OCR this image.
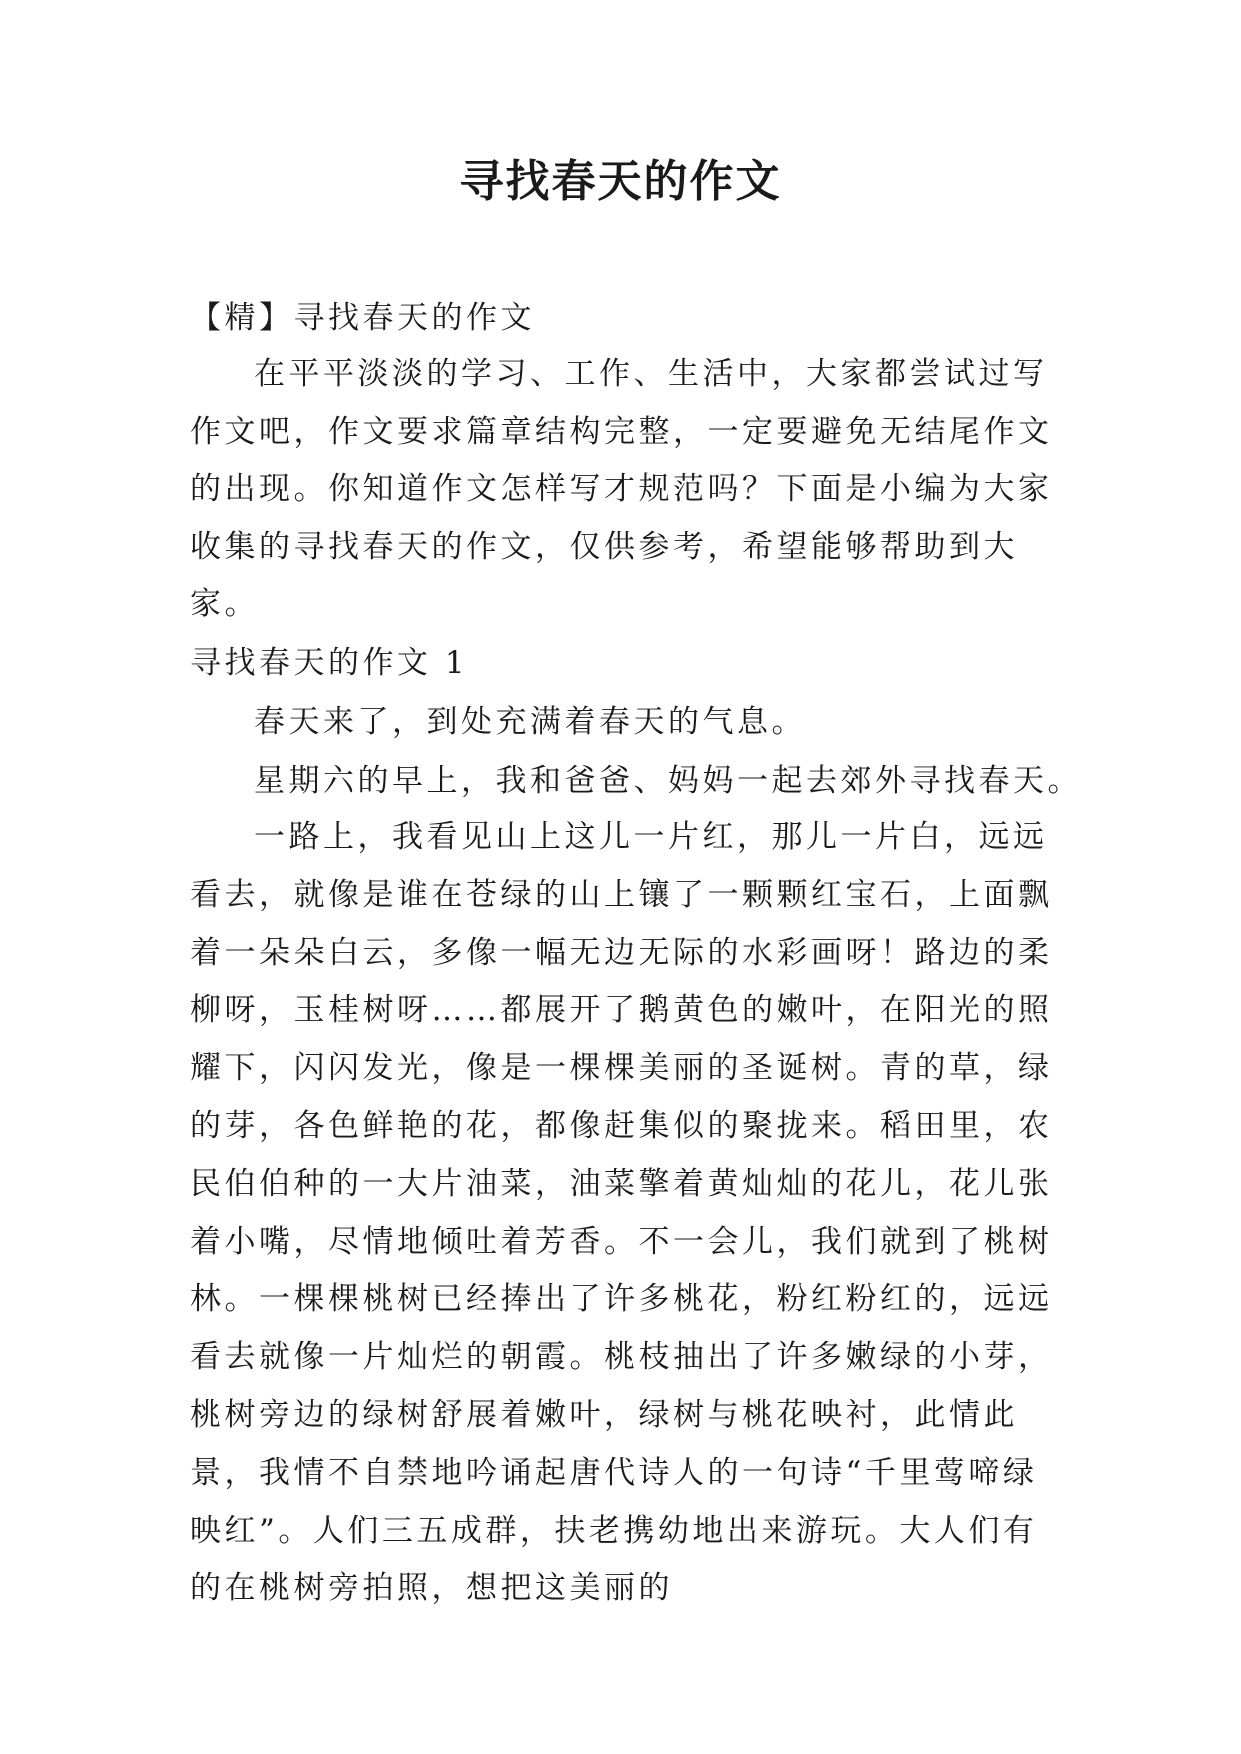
寻找春天的作文
【精】寻找春天的作文

在平平淡淡的学习、工作、生活中，大家都尝试过写作文吧，作文要求篇章结构完整，一定要避免无结尾作文的出现。你知道作文怎样写才规范吗？下面是小编为大家收集的寻找春天的作文，仅供参考，希望能够帮助到大家。

寻找春天的作文 1

春天来了，到处充满着春天的气息。

星期六的早上，我和爸爸、妈妈一起去郊外寻找春天。

一路上，我看见山上这儿一片红，那儿一片白，远远看去，就像是谁在苍绿的山上镶了一颗颗红宝石，上面飘着一朵朵白云，多像一幅无边无际的水彩画呀！路边的柔柳呀，玉桂树呀……都展开了鹅黄色的嫩叶，在阳光的照耀下，闪闪发光，像是一棵棵美丽的圣诞树。青的草，绿的芽，各色鲜艳的花，都像赶集似的聚拢来。稻田里，农民伯伯种的一大片油菜，油菜擎着黄灿灿的花儿，花儿张着小嘴，尽情地倾吐着芳香。不一会儿，我们就到了桃树林。一棵棵桃树已经捧出了许多桃花，粉红粉红的，远远看去就像一片灿烂的朝霞。桃枝抽出了许多嫩绿的小芽，桃树旁边的绿树舒展着嫩叶，绿树与桃花映衬，此情此景，我情不自禁地吟诵起唐代诗人的一句诗“千里莺啼绿映红”。人们三五成群，扶老携幼地出来游玩。大人们有的在桃树旁拍照，想把这美丽的
